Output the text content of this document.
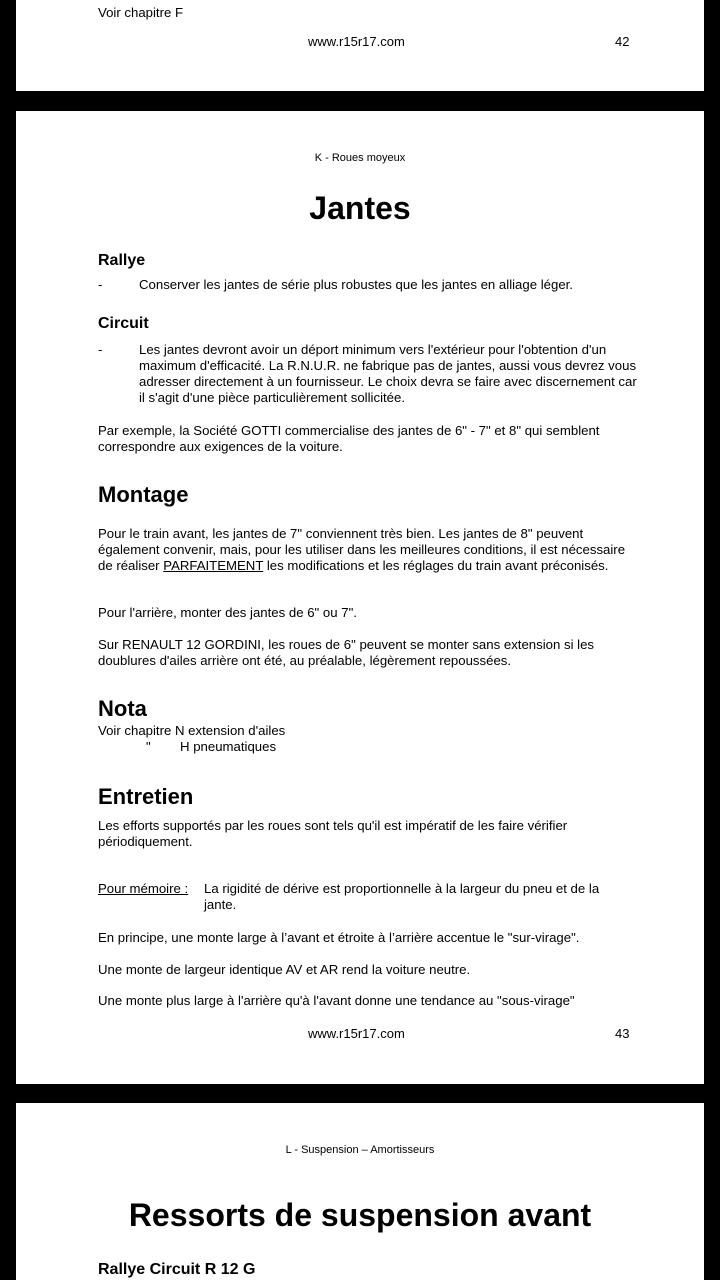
Voir chapitre F

www.r15r17.com	42
K - Roues moyeux
Jantes
Rallye
-	Conserver les jantes de série plus robustes que les jantes en alliage léger.

Circuit
-	Les jantes devront avoir un déport minimum vers l'extérieur pour l'obtention d'un maximum d'efficacité. La R.N.U.R. ne fabrique pas de jantes, aussi vous devrez vous adresser directement à un fournisseur. Le choix devra se faire avec discernement car il s'agit d'une pièce particulièrement sollicitée.

Par exemple, la Société GOTTI commercialise des jantes de 6" - 7" et 8" qui semblent correspondre aux exigences de la voiture.

Montage

Pour le train avant, les jantes de 7" conviennent très bien. Les jantes de 8" peuvent également convenir, mais, pour les utiliser dans les meilleures conditions, il est nécessaire de réaliser PARFAITEMENT les modifications et les réglages du train avant préconisés.

Pour l'arrière, monter des jantes de 6" ou 7".

Sur RENAULT 12 GORDINI, les roues de 6" peuvent se monter sans extension si les doublures d'ailes arrière ont été, au préalable, légèrement repoussées.

Nota

Voir chapitre N extension d'ailes

" H pneumatiques

Entretien

Les efforts supportés par les roues sont tels qu'il est impératif de les faire vérifier périodiquement.

Pour mémoire : La rigidité de dérive est proportionnelle à la largeur du pneu et de la jante.

En principe, une monte large à l’avant et étroite à l’arrière accentue le "sur-virage".

Une monte de largeur identique AV et AR rend la voiture neutre.

Une monte plus large à l'arrière qu'à l'avant donne une tendance au "sous-virage"

www.r15r17.com	43
L - Suspension – Amortisseurs
Ressorts de suspension avant
Rallye Circuit R 12 G
